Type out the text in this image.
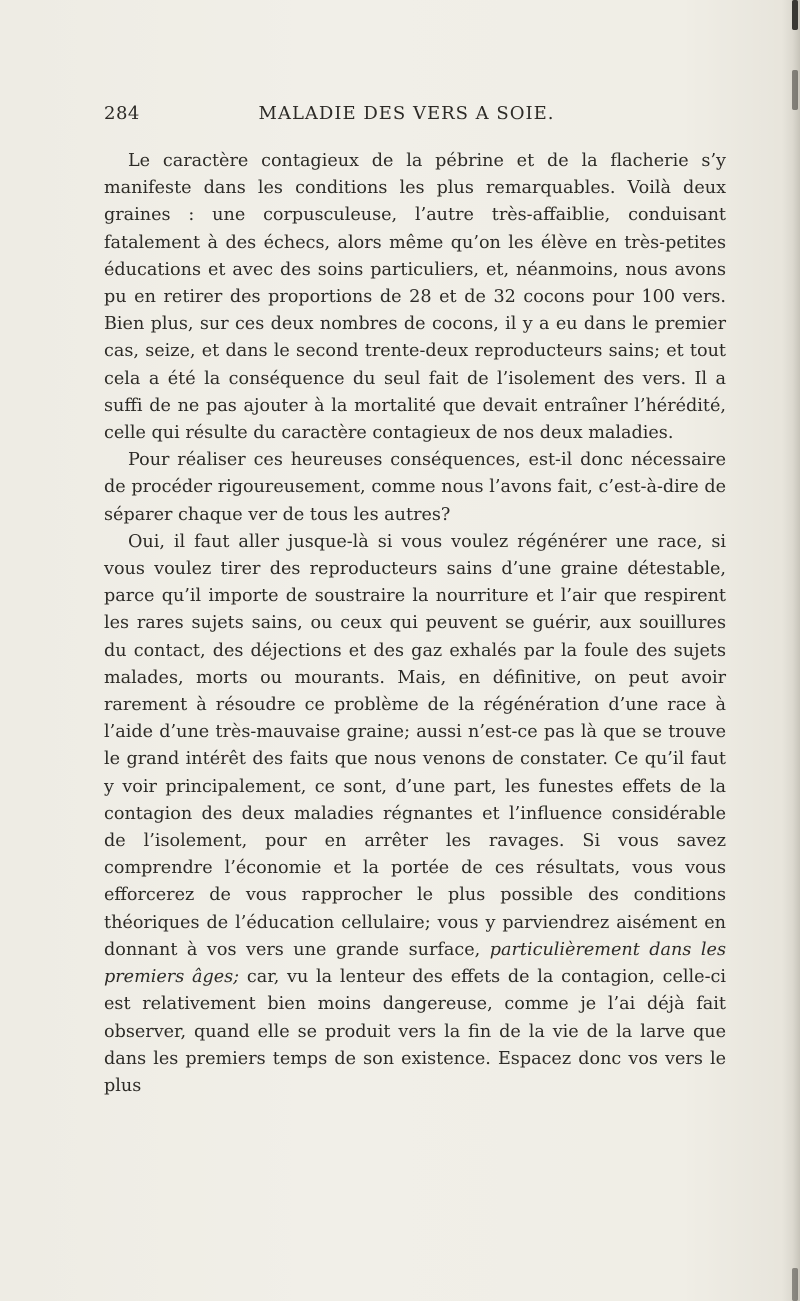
284	MALADIE DES VERS A SOIE.

Le caractère contagieux de la pébrine et de la flacherie s’y manifeste dans les conditions les plus remarquables. Voilà deux graines : une corpusculeuse, l’autre très-affaiblie, conduisant fatalement à des échecs, alors même qu’on les élève en très-petites éducations et avec des soins particuliers, et, néanmoins, nous avons pu en retirer des proportions de 28 et de 32 cocons pour 100 vers. Bien plus, sur ces deux nombres de cocons, il y a eu dans le premier cas, seize, et dans le second trente-deux reproducteurs sains; et tout cela a été la conséquence du seul fait de l’isolement des vers. Il a suffi de ne pas ajouter à la mortalité que devait entraîner l’hérédité, celle qui résulte du caractère contagieux de nos deux maladies.

Pour réaliser ces heureuses conséquences, est-il donc nécessaire de procéder rigoureusement, comme nous l’avons fait, c’est-à-dire de séparer chaque ver de tous les autres?

Oui, il faut aller jusque-là si vous voulez régénérer une race, si vous voulez tirer des reproducteurs sains d’une graine détestable, parce qu’il importe de soustraire la nourriture et l’air que respirent les rares sujets sains, ou ceux qui peuvent se guérir, aux souillures du contact, des déjections et des gaz exhalés par la foule des sujets malades, morts ou mourants. Mais, en définitive, on peut avoir rarement à résoudre ce problème de la régénération d’une race à l’aide d’une très-mauvaise graine; aussi n’est-ce pas là que se trouve le grand intérêt des faits que nous venons de constater. Ce qu’il faut y voir principalement, ce sont, d’une part, les funestes effets de la contagion des deux maladies régnantes et l’influence considérable de l’isolement, pour en arrêter les ravages. Si vous savez comprendre l’économie et la portée de ces résultats, vous vous efforcerez de vous rapprocher le plus possible des conditions théoriques de l’éducation cellulaire; vous y parviendrez aisément en donnant à vos vers une grande surface, particulièrement dans les premiers âges; car, vu la lenteur des effets de la contagion, celle-ci est relativement bien moins dangereuse, comme je l’ai déjà fait observer, quand elle se produit vers la fin de la vie de la larve que dans les premiers temps de son existence. Espacez donc vos vers le plus
